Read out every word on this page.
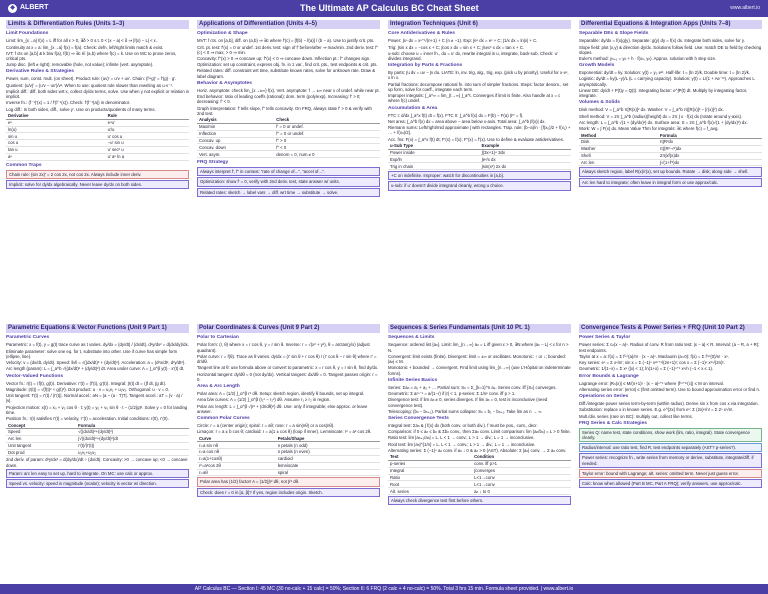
◆ ALBERT	The Ultimate AP Calculus BC Cheat Sheet	www.albert.io
Limits & Differentiation Rules (Units 1–3)
Limit Foundations
Limit: lim_{x→a} f(x) = L iff for all ε > 0, ∃δ > 0 s.t. 0 < |x − a| < δ ⇒ |f(x) − L| < ε.
Continuity at x = a: lim_{x→a} f(x) = f(a). Check: defn, left/right limits match & exist.
IVT: f cts on [a,b] & k b/w f(a), f(b) ⇒ ∃c ∈ (a,b) where f(c) = k. Use on MC to prove zeros, critical pts.
Jump disc. (left ≠ right); removable (hole, not value); infinite (vert. asymptote).
Derivative Rules & Strategies
Power, sum, const. mult. (on sheet). Product rule: (uv)′ = u′v + uv′. Chain: (f∘g)′ = f′(g) · g′.
Quotient: (u/v)′ = (u′v − uv′)/v². When to use: quotient rule slower than rewriting as u·v⁻¹.
Implicit diff.: diff. both sides wrt x, collect dy/dx terms, solve. Use when y not explicit or relation is implicit.
Inverse fn.: (f⁻¹)′(x) = 1 / f′(f⁻¹(x)). Check: f′(f⁻¹(a)) in denominator.
Log diff.: In both sides, diff., solve y′. Use on products/quotients of many terms.
Derivative	Rule
eᵘ	eᵘu′
ln(u)	u′/u
sin u	u′ cos u
cos u	−u′ sin u
tan u	u′ sec² u
aᵘ	u′ aᵘ ln a
Common Traps
Chain rule: (sin 2x)′ = 2 cos 2x, not cos 2x. Always include inner deriv.
Implicit: solve for dy/dx algebraically. Never leave dy/dx on both sides.
Applications of Differentiation (Units 4–5)
Optimization & Shape
MVT: f cts. on [a,b], diff. on (a,b) ⇒ ∃c where f′(c) = [f(b) − f(a)] / (b − a). Use to justify crit. pts.
Crit. pt. test: f′(x) = 0 or undef. 1st deriv. test: sign of f′ before/after ⇒ max/min. 2nd deriv. test: f″(c) < 0 ⇒ max; > 0 ⇒ min.
Concavity: f″(x) > 0 ⇒ concave up; f″(x) < 0 ⇒ concave down. Inflection pt.: f″ changes sign.
Optimization: set up constraint, express obj. fn. in 1 var., find crit. pts., test endpoints & crit. pts.
Related rates: diff. constraint wrt time, substitute known rates, solve for unknown rate. Draw & label diagram.
Behavior & Asymptotes
Horiz. asymptote: check lim_{x→±∞} f(x). Vert. asymptote: f → ±∞ near x of undef. while near pt.
End behavior: ratio of leading coeffs (rational); dom. term (poly/exp). Increasing: f′ > 0; decreasing: f′ < 0.
Graph interpretation: f′ tells slope, f″ tells concavity. On FRQ, always state f′ > 0 & verify with 2nd test.
Analysis	Check
Max/min	f′ = 0 or undef.
Inflection	f″ = 0 or undef.
Concav. up	f″ > 0
Concav. down	f″ < 0
Vert. asym.	denom = 0, num ≠ 0
FRQ Strategy
Always interpret f′, f″ in context: "rate of change of...", "accel of...".
Optimization: show f′ = 0, verify with 2nd deriv. test, state answer w/ units.
Related rates: sketch → label vars → diff. wrt time → substitute → solve.
Integration Techniques (Unit 6)
Core Antiderivatives & Rules
Power: ∫xⁿ dx = xⁿ⁺¹/(n+1) + C (n ≠ −1). Exp: ∫eˣ dx = eˣ + C; ∫1/x dx = ln|x| + C.
Trig: ∫sin x dx = −cos x + C; ∫cos x dx = sin x + C; ∫sec² x dx = tan x + C.
u-sub: choose u = inner fn., du = u′ dx, rewrite integral in u, integrate, back-sub. Check: u′ divides integrand.
Integration by Parts & Fractions
By parts: ∫u dv = uv − ∫v du. LIATE: ln, inv. trig, alg., trig, exp. (pick u by priority). Useful for x·eˣ, x ln x.
Partial fractions: decompose rational fn. into sum of simpler fractions. Steps: factor denom., set up form, solve for coeff., integrate each term.
Improper integrals: ∫_a^∞ = lim_{t→∞} ∫_a^t. Converges if limit is finite. Also handle at x = c where f(c) undef.
Accumulation & Area
FTC I: d/dx ∫_a^x f(t) dt = f(x). FTC II: ∫_a^b f(x) dx = F(b) − F(a) (F′ = f).
Net area: ∫_a^b f(x) dx = area above − area below x-axis. Total area: ∫_a^b |f(x)| dx.
Riemann sums: Left/right/mid approximate ∫ with rectangles. Trap. rule: (b−a)/n · [f(x₀)/2 + f(x₁) + … + f(xₙ)/2].
Acc. fns: F(x) = ∫_a^x f(t) dt; F′(x) = f(x); F″(x) = f′(x). Use to define & evaluate antiderivatives.
u-Sub Type	Example
Power inside	∫(3x+1)⁴ 3dx
Exp/ln	∫eˣ/x dx
Trig in chain	∫sin(x²) 2x dx
+C on indefinite. Improper: watch for discontinuities in [a,b].
u-sub: if u′ doesn't divide integrand cleanly, wrong u choice.
Differential Equations & Integration Apps (Units 7–8)
Separable DEs & Slope Fields
Separable: dy/dx = f(x)g(y). Separate: g(y) dy = f(x) dx. Integrate both sides, solve for y.
Slope field: plot (x,y) & direction dy/dx. Solutions follow field. Use: match DE to field by checking slopes.
Euler's method: yₙ₊₁ = yₙ + h · f(xₙ, yₙ). Approx. solution with h step size.
Growth Models
Exponential: dy/dt = ky. Solution: y(t) = y₀ eᵏᵗ. Half-life: t = (ln 2)/k. Double time: t = (ln 2)/k.
Logistic: dy/dt = ky(L−y)/L (L = carrying capacity). Solution: y(t) = L/(1 + Ae⁻ᵏᵗ). Approaches L asymptotically.
Linear DE: dy/dt + P(t)y = Q(t). Integrating factor: e^∫P(t) dt. Multiply by integrating factor, integrate.
Volumes & Solids
Disk method: V = ∫_a^b π[R(x)]² dx. Washer: V = ∫_a^b π([R(x)]² − [r(x)]²) dx.
Shell method: V = 2π ∫_a^b (radius)(height) dx = 2π ∫ x · f(x) dx (rotate around y-axis).
Arc length: L = ∫_a^b √(1 + (dy/dx)²) dx. Surface area: S = 2π ∫_a^b f(x)√(1 + (dy/dx)²) dx.
Work: W = ∫ F(x) dx. Mean Value Thm for integrals: ∃c where f(c) = f_avg.
Method	Formula
Disk	π∫R²dx
Washer	π∫(R²−r²)dx
Shell	2π∫xf(x)dx
Arc len	∫√(1+f′²)dx
Always sketch region, label R(x)/r(x), set up bounds. Rotate → disk; along side → shell.
Arc len hard to integrate; often leave in integral form or use approx/calc.
Parametric Equations & Vector Functions (Unit 9 Part 1)
Parametric Curves
Parametric: x = f(t), y = g(t) trace curve as t varies. dy/dx = (dy/dt) / (dx/dt). d²y/dx² = d(dx/dy)/dx.
Eliminate parameter: solve one eq. for t, substitute into other. Use if curve has simple form (ellipse, line).
Velocity: v = (dx/dt, dy/dt). Speed: ‖v‖ = √((dx/dt)² + (dy/dt)²). Acceleration: a = (d²x/dt², d²y/dt²).
Arc length (param): L = ∫_a^b √((dx/dt)² + (dy/dt)²) dt. Area under curve: A = ∫_α^β y(t) · x′(t) dt.
Vector-Valued Functions
Vector fn.: r(t) = ⟨f(t), g(t)⟩. Derivative: r′(t) = ⟨f′(t), g′(t)⟩. Integral: ∫r(t) dt = ⟨∫f dt, ∫g dt⟩.
Magnitude: |r(t)| = √(f(t)² + g(t)²). Dot product: u · v = u₁v₁ + u₂v₂. Orthogonal: u · v = 0.
Unit tangent: T(t) = r′(t) / |r′(t)|. Normal accel.: aN = |a − (a · T)T|. Tangent accel.: aT = (v · a) / |v|.
Projection motion: x(t) = x₀ + v₀ cos θ · t; y(t) = y₀ + v₀ sin θ · t − (1/2)gt². Solve y = 0 for landing time.
Position fn.: r(t) satisfies r′(t) = velocity, r″(t) = acceleration. Initial conditions: r(0), r′(0).
Concept	Formula
Speed	√((dx/dt)²+(dy/dt)²)
Arc len	∫√((dx/dt)²+(dy/dt)²)dt
Unit tangent	r′(t)/|r′(t)|
Dot prod	u₁v₁+u₂v₂
2nd deriv. of param: d²y/dx² = d(dy/dx)/dt ÷ (dx/dt). Concavity: >0 → concave up; <0 → concave down.
Param: arc len easy to set up, hard to integrate. On MC: use calc or approx.
Speed vs. velocity: speed is magnitude (scalar); velocity is vector w/ direction.
Polar Coordinates & Curves (Unit 9 Part 2)
Polar to Cartesian
Polar form: (r, θ) where x = r cos θ, y = r sin θ. Inverse: r = √(x² + y²), θ = arctan(y/x) (adjust quadrant).
Polar curve: r = f(θ). Trace as θ varies. dy/dx = (r′ sin θ + r cos θ) / (r′ cos θ − r sin θ) where r′ = dr/dθ.
Tangent line at θ: use formula above or convert to parametric: x = r cos θ, y = r sin θ, find dy/dx.
Horizontal tangent: dy/dθ = 0 (not dy/dx). Vertical tangent: dx/dθ = 0. Tangent passes origin: r = 0.
Area & Arc Length
Polar area: A = (1/2) ∫_α^β r² dθ. Setup: sketch region, identify θ bounds, set up integral.
Area b/w curves: A = (1/2) ∫_α^β (r₁² − r₂²) dθ. Assume r₁ ≥ r₂ in region.
Polar arc length: L = ∫_α^β √(r² + (dr/dθ)²) dθ. Use: only if integrable; else approx. or leave answer.
Common Polar Curves
Circle: r = a (center origin); spiral: r = aθ; rose: r = a sin(nθ) or a cos(nθ).
Limaçon: r = a ± b cos θ; cardioid: r = a(1 ± cos θ) (loop if inner). Lemniscate: r² = a² cos 2θ.
Curve	Petals/Shape
r=a sin nθ	n petals (n odd)
r=a cos nθ	n petals (n even)
r=a(1+cosθ)	cardioid
r²=a²cos 2θ	lemniscate
r=aθ	spiral
Polar area has (1/2) factor! A = (1/2)∫r² dθ, not ∫r² dθ.
Check: does r = 0 in [α, β]? If yes, region includes origin. Sketch.
Sequences & Series Fundamentals (Unit 10 Pt. 1)
Sequences & Limits
Sequence: ordered list {aₙ}. Limit: lim_{n→∞} aₙ = L iff given ε > 0, ∃N where |aₙ − L| < ε for n > N.
Convergent: limit exists (finite). Divergent: limit = ±∞ or oscillates. Monotonic: ↑ or ↓; bounded: |aₙ| ≤ M.
Monotonic + bounded → convergent. Find limit using lim_{n→∞} (use L'Hôpital on indeterminate forms).
Infinite Series Basics
Series: Σaₙ = a₁ + a₂ + … Partial sum: Sₙ = Σ_{k=1}^n aₖ. Series conv. iff {Sₙ} converges.
Geometric: Σ arⁿ⁻¹ = a/(1−r) if |r| < 1. p-series: Σ 1/nᵖ conv. iff p > 1.
Divergence test: if lim aₙ ≠ 0, series diverges. If lim aₙ = 0, test is inconclusive (need convergence test).
Telescoping: (bₙ − bₙ₊₁). Partial sums collapse: Sₙ = b₁ − bₙ₊₁. Take lim as n → ∞.
Series Convergence Tests
Integral test: Σaₙ & ∫ f(x) dx (both conv. or both div.). f must be pos., cont., decr.
Comparison: if 0 ≤ aₙ ≤ bₙ & Σbₙ conv., then Σaₙ conv. Limit comparison: lim (aₙ/bₙ) = L > 0 finite.
Ratio test: lim |aₙ₊₁/aₙ| = L. L < 1 → conv.; L > 1 → div.; L = 1 → inconclusive.
Root test: lim |aₙ|^{1/n} = L. L < 1 → conv.; L > 1 → div.; L = 1 → inconclusive.
Alternating series: Σ (−1)ⁿ aₙ conv. if aₙ ↓ 0 & aₙ > 0 (AST). Absolute: Σ |aₙ| conv. → Σ aₙ conv.
Test	Condition
p-series	conv. iff p>1
Integral	∫converges
Ratio	L<1→conv
Root	L<1→conv
Alt. series	aₙ ↓ to 0
Always check divergence test first before others.
Convergence Tests & Power Series + FRQ (Unit 10 Part 2)
Power Series & Taylor
Power series: Σ cₙ(x − a)ⁿ. Radius of conv. R from ratio test: |x − a| < R. Interval: (a − R, a + R); test endpoints.
Taylor at x = a: f(x) = Σ f⁽ⁿ⁾(a)/n! · (x − a)ⁿ. Maclaurin (a=0): f(x) = Σ f⁽ⁿ⁾(0)/n! · xⁿ.
Key series: eˣ = Σ xⁿ/n!; sin x = Σ (−1)ⁿ x²ⁿ⁺¹/(2n+1)!; cos x = Σ (−1)ⁿ x²ⁿ/(2n)!.
Geometric: 1/(1−x) = Σ xⁿ (|x| < 1); ln(1+x) = Σ (−1)ⁿ⁺¹ xⁿ/n (−1 < x ≤ 1).
Error Bounds & Lagrange
Lagrange error: |Rₙ(x)| ≤ M/(n+1)! · |x − a|ⁿ⁺¹ where |f⁽ⁿ⁺¹⁾(c)| ≤ M on interval.
Alternating series error: |error| ≤ (first omitted term). Use to bound approximation error or find n.
Operations on Series
Diff./integrate power series term-by-term (within radius). Derive sin x from cos x via integration.
Substitution: replace x in known series. E.g. e^{2x} from eˣ: Σ (2x)ⁿ/n! = Σ 2ⁿ xⁿ/n!.
Mult./div. series (rare on BC): multiply out, collect like terms.
FRQ Series & Calc Strategies
Series Q: name test, state conditions, show work (lim, ratio, integral). State convergence clearly.
Radius/interval: use ratio test, find R, test endpoints separately (AST? p-series?).
Power series: recognize fn., write series from memory or derive, substitute, integrate/diff. if needed.
Taylor error: bound with Lagrange; alt. series: omitted term. Never just guess error.
Calc: know when allowed (Part B MC, Part A FRQ); verify answers, use approx/calc.
AP Calculus BC — Section I: 45 MC (30 no-calc + 15 calc) = 50%; Section II: 6 FRQ (2 calc + 4 no-calc) = 50%. Total 3 hrs 15 min. Formula sheet provided. | www.albert.io
